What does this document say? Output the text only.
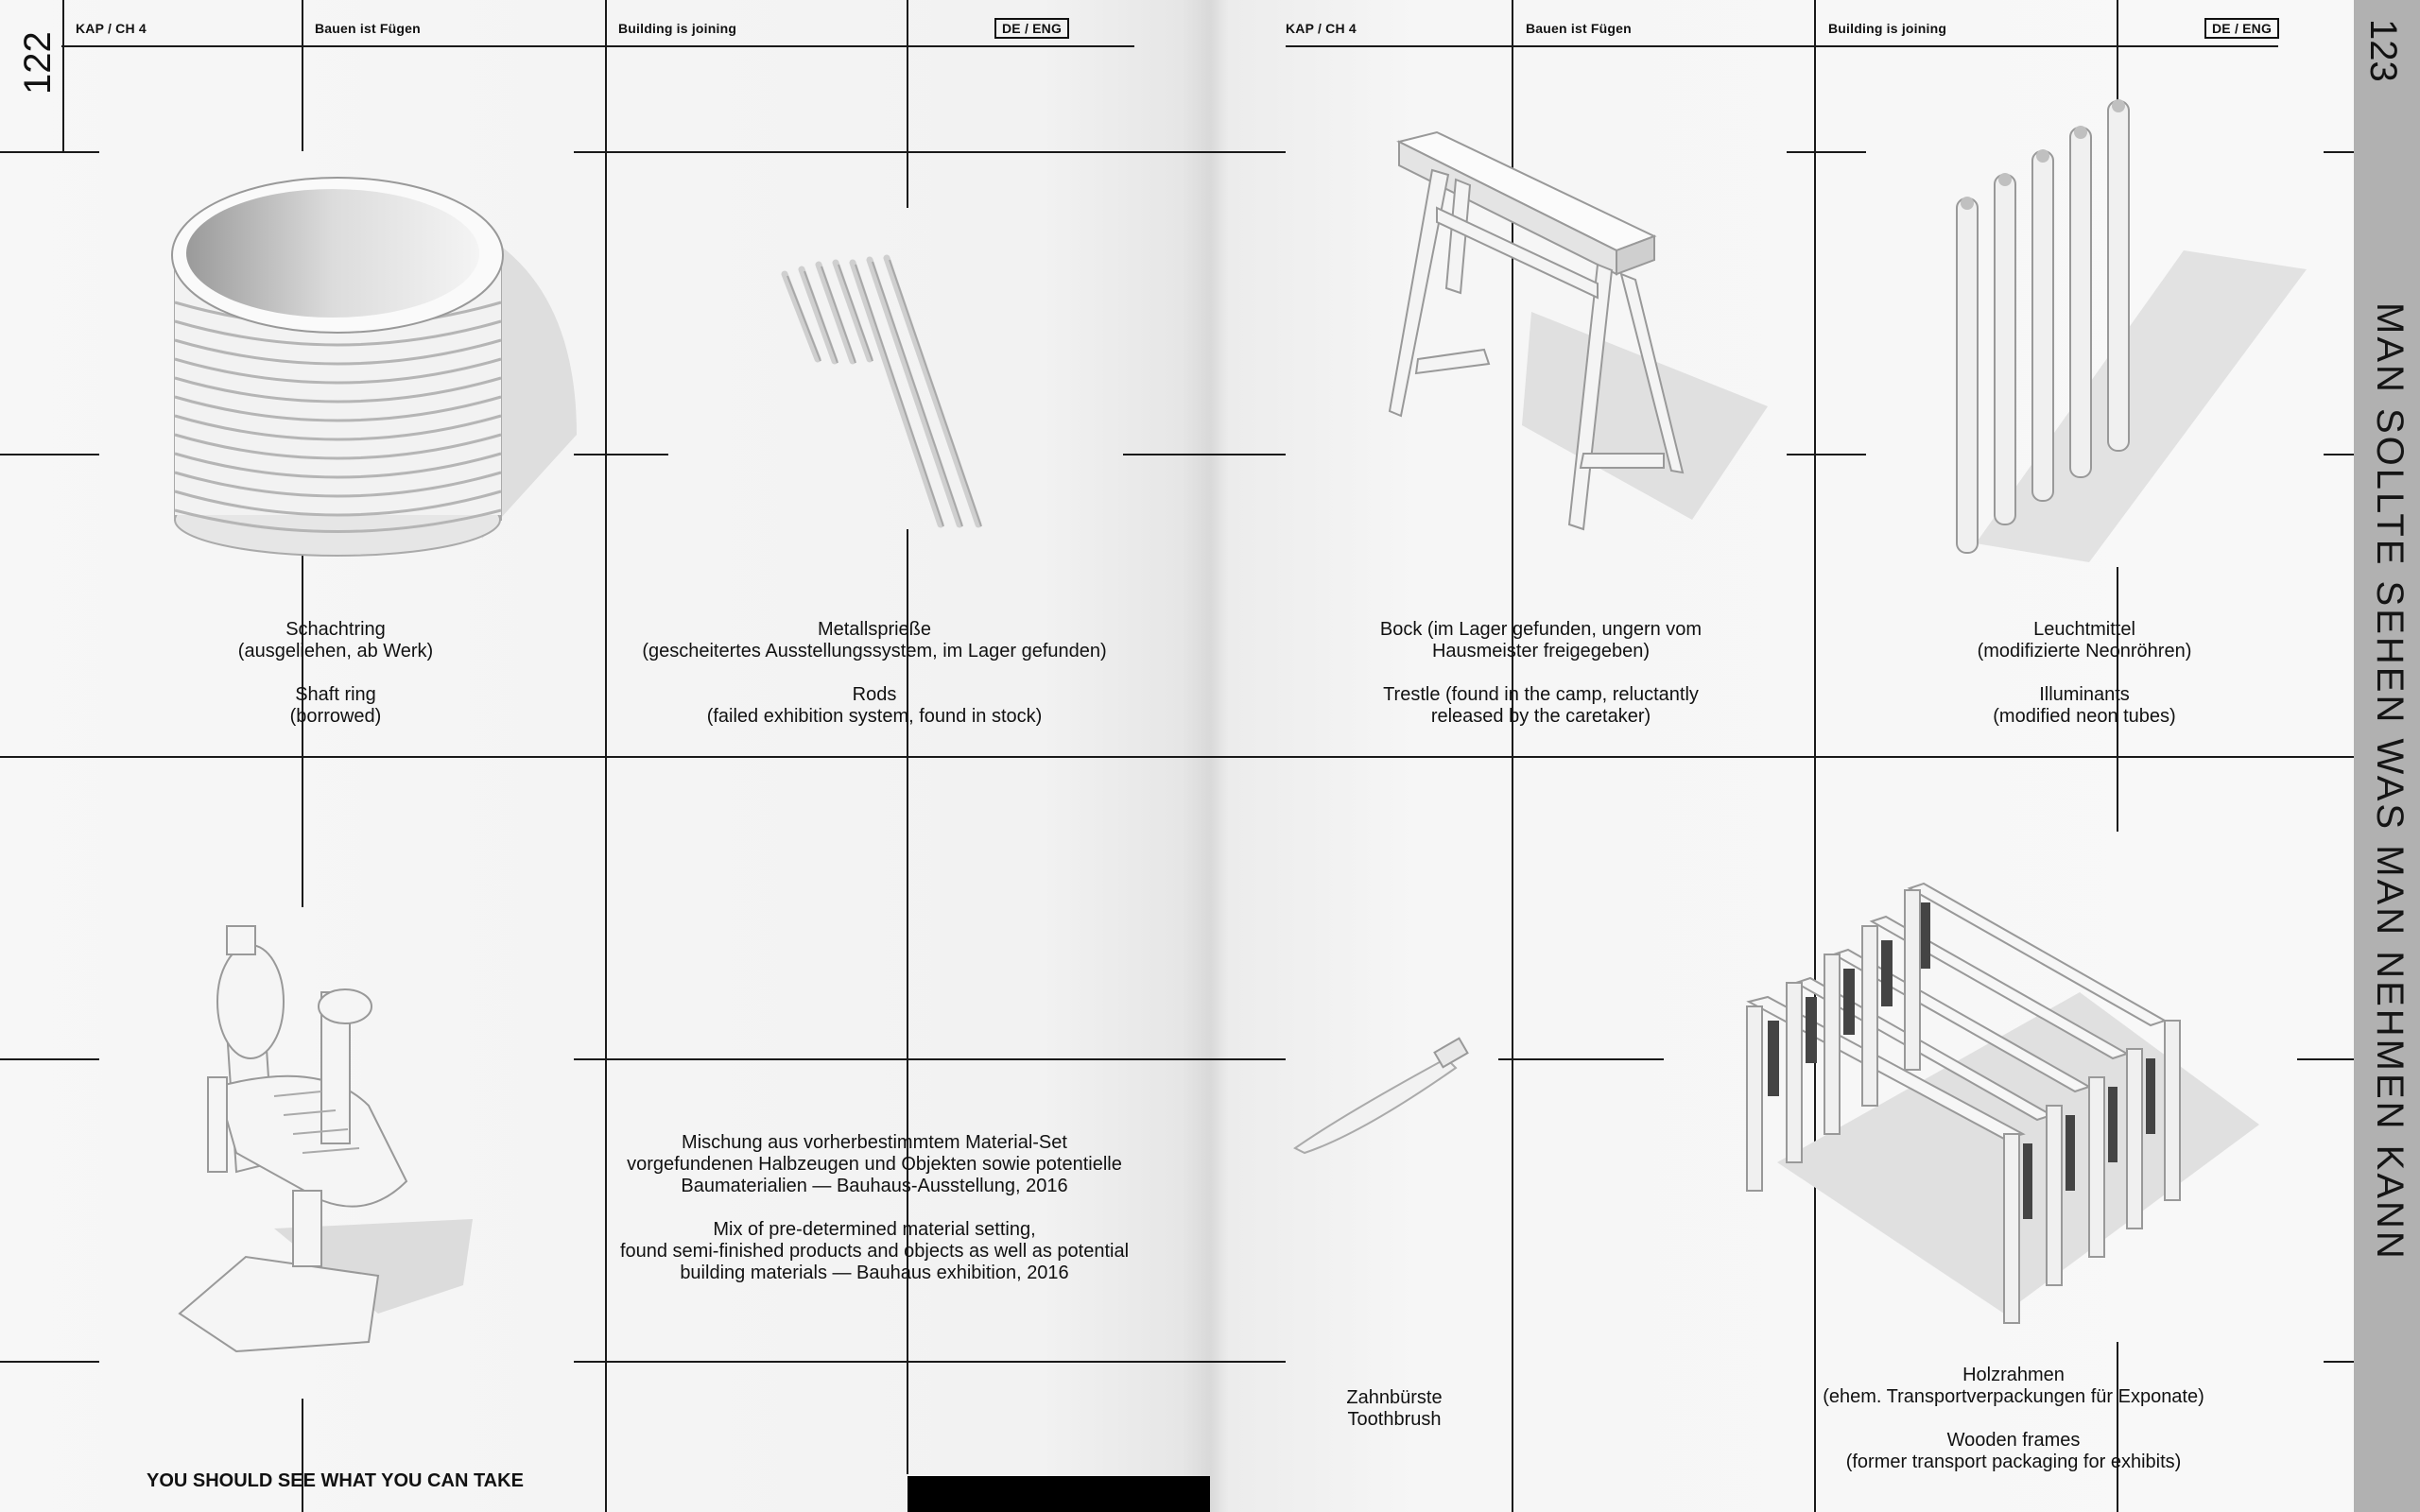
122
KAP / CH 4	Bauen ist Fügen	Building is joining	DE / ENG	KAP / CH 4	Bauen ist Fügen	Building is joining	DE / ENG 123
MAN SOLLTE SEHEN WAS MAN NEHMEN KANN
Schachtring
(ausgeliehen, ab Werk)
Shaft ring
(borrowed)
Metallsprieße
(gescheitertes Ausstellungssystem, im Lager gefunden)
Rods
(failed exhibition system, found in stock)
Bock (im Lager gefunden, ungern vom
Hausmeister freigegeben)
Trestle (found in the camp, reluctantly
released by the caretaker)
Leuchtmittel
(modifizierte Neonröhren)
Illuminants
(modified neon tubes)
Mischung aus vorherbestimmtem Material-Set
vorgefundenen Halbzeugen und Objekten sowie potentielle
Baumaterialien — Bauhaus-Ausstellung, 2016
Mix of pre-determined material setting,
found semi-finished products and objects as well as potential
building materials — Bauhaus exhibition, 2016
Zahnbürste
Toothbrush
Holzrahmen
(ehem. Transportverpackungen für Exponate)
Wooden frames
(former transport packaging for exhibits)
YOU SHOULD SEE WHAT YOU CAN TAKE
